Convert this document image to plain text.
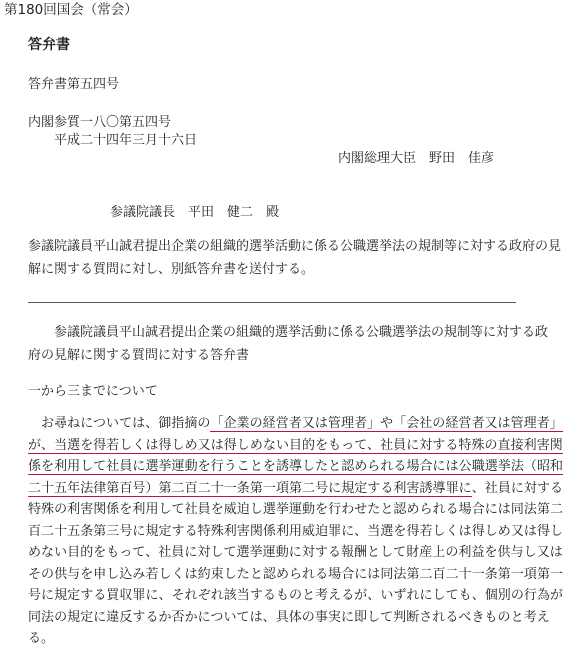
第180回国会（常会）
答弁書
答弁書第五四号
内閣参質一八〇第五四号
平成二十四年三月十六日
内閣総理大臣　野田　佳彦
参議院議長　平田　健二　殿
参議院議員平山誠君提出企業の組織的選挙活動に係る公職選挙法の規制等に対する政府の見
解に関する質問に対し、別紙答弁書を送付する。
　　参議院議員平山誠君提出企業の組織的選挙活動に係る公職選挙法の規制等に対する政
府の見解に関する質問に対する答弁書
一から三までについて
　お尋ねについては、御指摘の「企業の経営者又は管理者」や「会社の経営者又は管理者」
が、当選を得若しくは得しめ又は得しめない目的をもって、社員に対する特殊の直接利害関
係を利用して社員に選挙運動を行うことを誘導したと認められる場合には公職選挙法（昭和
二十五年法律第百号）第二百二十一条第一項第二号に規定する利害誘導罪に、社員に対する
特殊の利害関係を利用して社員を威迫し選挙運動を行わせたと認められる場合には同法第二
百二十五条第三号に規定する特殊利害関係利用威迫罪に、当選を得若しくは得しめ又は得し
めない目的をもって、社員に対して選挙運動に対する報酬として財産上の利益を供与し又は
その供与を申し込み若しくは約束したと認められる場合には同法第二百二十一条第一項第一
号に規定する買収罪に、それぞれ該当するものと考えるが、いずれにしても、個別の行為が
同法の規定に違反するか否かについては、具体の事実に即して判断されるべきものと考え
る。
